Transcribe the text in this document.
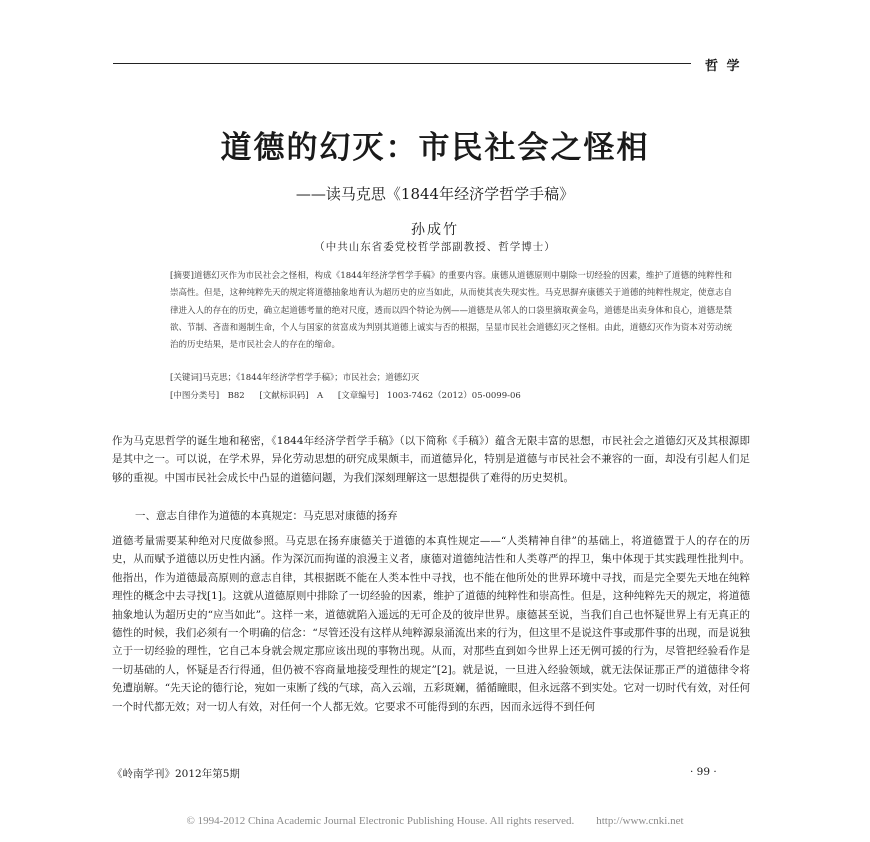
哲 学
道德的幻灭：市民社会之怪相
——读马克思《1844年经济学哲学手稿》
孙成竹
（中共山东省委党校哲学部副教授、哲学博士）
[摘要]道德幻灭作为市民社会之怪相，构成《1844年经济学哲学手稿》的重要内容。康德从道德原则中剔除一切经验的因素，维护了道德的纯粹性和崇高性。但是，这种纯粹先天的规定将道德抽象地育认为超历史的应当如此，从而使其丧失现实性。马克思摒弃康德关于道德的纯粹性规定，使意志自律进入人的存在的历史，确立起道德考量的绝对尺度，透而以四个特论为例——道德是从邻人的口袋里摘取黄金鸟，道德是出卖身体和良心，道德是禁欲、节制、吝啬和遏制生命，个人与国家的贫富成为判别其道德上诚实与否的根据，呈显市民社会道德幻灭之怪相。由此，道德幻灭作为资本对劳动统治的历史结果，是市民社会人的存在的缩命。
[关键词]马克思；《1844年经济学哲学手稿》；市民社会；道德幻灭
[中图分类号]　B82 [文献标识码]　A [文章编号]　1003-7462（2012）05-0099-06
作为马克思哲学的诞生地和秘密，《1844年经济学哲学手稿》（以下简称《手稿》）蕴含无限丰富的思想，市民社会之道德幻灭及其根源即是其中之一。可以说，在学术界，异化劳动思想的研究成果颇丰，而道德异化，特别是道德与市民社会不兼容的一面，却没有引起人们足够的重视。中国市民社会成长中凸显的道德问题，为我们深刻理解这一思想提供了难得的历史契机。
一、意志自律作为道德的本真规定：马克思对康德的扬弃
道德考量需要某种绝对尺度做参照。马克思在扬弃康德关于道德的本真性规定——“人类精神自律”的基础上，将道德置于人的存在的历史，从而赋予道德以历史性内涵。作为深沉而拘谨的浪漫主义者，康德对道德纯洁性和人类尊严的捍卫，集中体现于其实践理性批判中。他指出，作为道德最高原则的意志自律，其根据既不能在人类本性中寻找，也不能在他所处的世界环境中寻找，而是完全要先天地在纯粹理性的概念中去寻找[1]。这就从道德原则中排除了一切经验的因素，维护了道德的纯粹性和崇高性。但是，这种纯粹先天的规定，将道德抽象地认为超历史的“应当如此”。这样一来，道德就陷入遥远的无可企及的彼岸世界。康德甚至说，当我们自己也怀疑世界上有无真正的德性的时候，我们必须有一个明确的信念：“尽管还没有这样从纯粹源泉涌流出来的行为，但这里不是说这件事或那件事的出现，而是说独立于一切经验的理性，它自己本身就会规定那应该出现的事物出现。从而，对那些直到如今世界上还无例可援的行为，尽管把经验看作是一切基础的人，怀疑是否行得通，但仍被不容商量地接受理性的规定”[2]。就是说，一旦进入经验领域，就无法保证那正严的道德律令将免遭崩解。“先天论的德行论，宛如一束断了线的气球，高入云端，五彩斑斓，循循瞳眼，但永远落不到实处。它对一切时代有效，对任何一个时代都无效；对一切人有效，对任何一个人都无效。它要求不可能得到的东西，因而永远得不到任何
《岭南学刊》2012年第5期	· 99 ·
© 1994-2012 China Academic Journal Electronic Publishing House. All rights reserved.　　http://www.cnki.net
